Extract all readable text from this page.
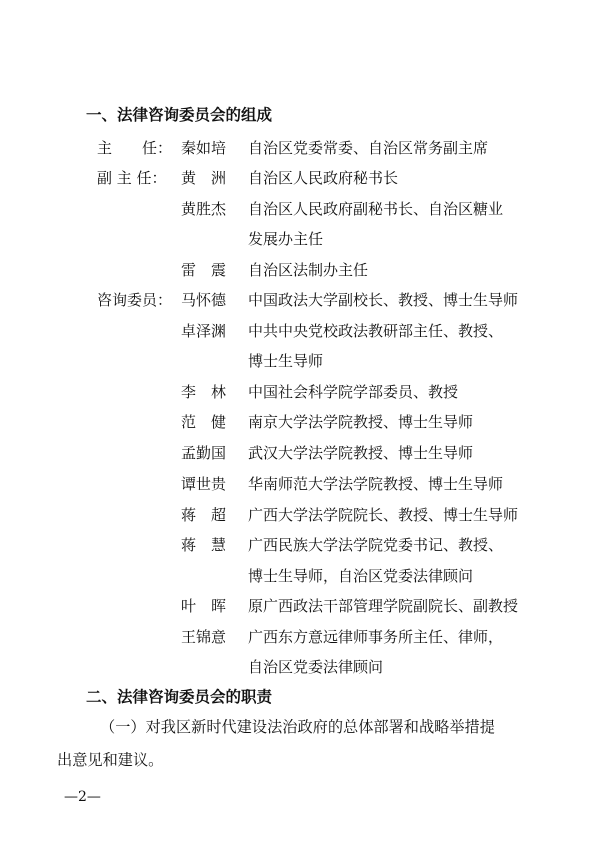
一、法律咨询委员会的组成
主　　任： 秦如培 自治区党委常委、自治区常务副主席
副 主 任： 黄　洲 自治区人民政府秘书长
黄胜杰 自治区人民政府副秘书长、自治区糖业
发展办主任
雷　震 自治区法制办主任
咨询委员： 马怀德 中国政法大学副校长、教授、博士生导师
卓泽渊 中共中央党校政法教研部主任、教授、
博士生导师
李　林 中国社会科学院学部委员、教授
范　健 南京大学法学院教授、博士生导师
孟勤国 武汉大学法学院教授、博士生导师
谭世贵 华南师范大学法学院教授、博士生导师
蒋　超 广西大学法学院院长、教授、博士生导师
蒋　慧 广西民族大学法学院党委书记、教授、
博士生导师，自治区党委法律顾问
叶　晖 原广西政法干部管理学院副院长、副教授
王锦意 广西东方意远律师事务所主任、律师，
自治区党委法律顾问
二、法律咨询委员会的职责
（一）对我区新时代建设法治政府的总体部署和战略举措提
出意见和建议。
—2—
